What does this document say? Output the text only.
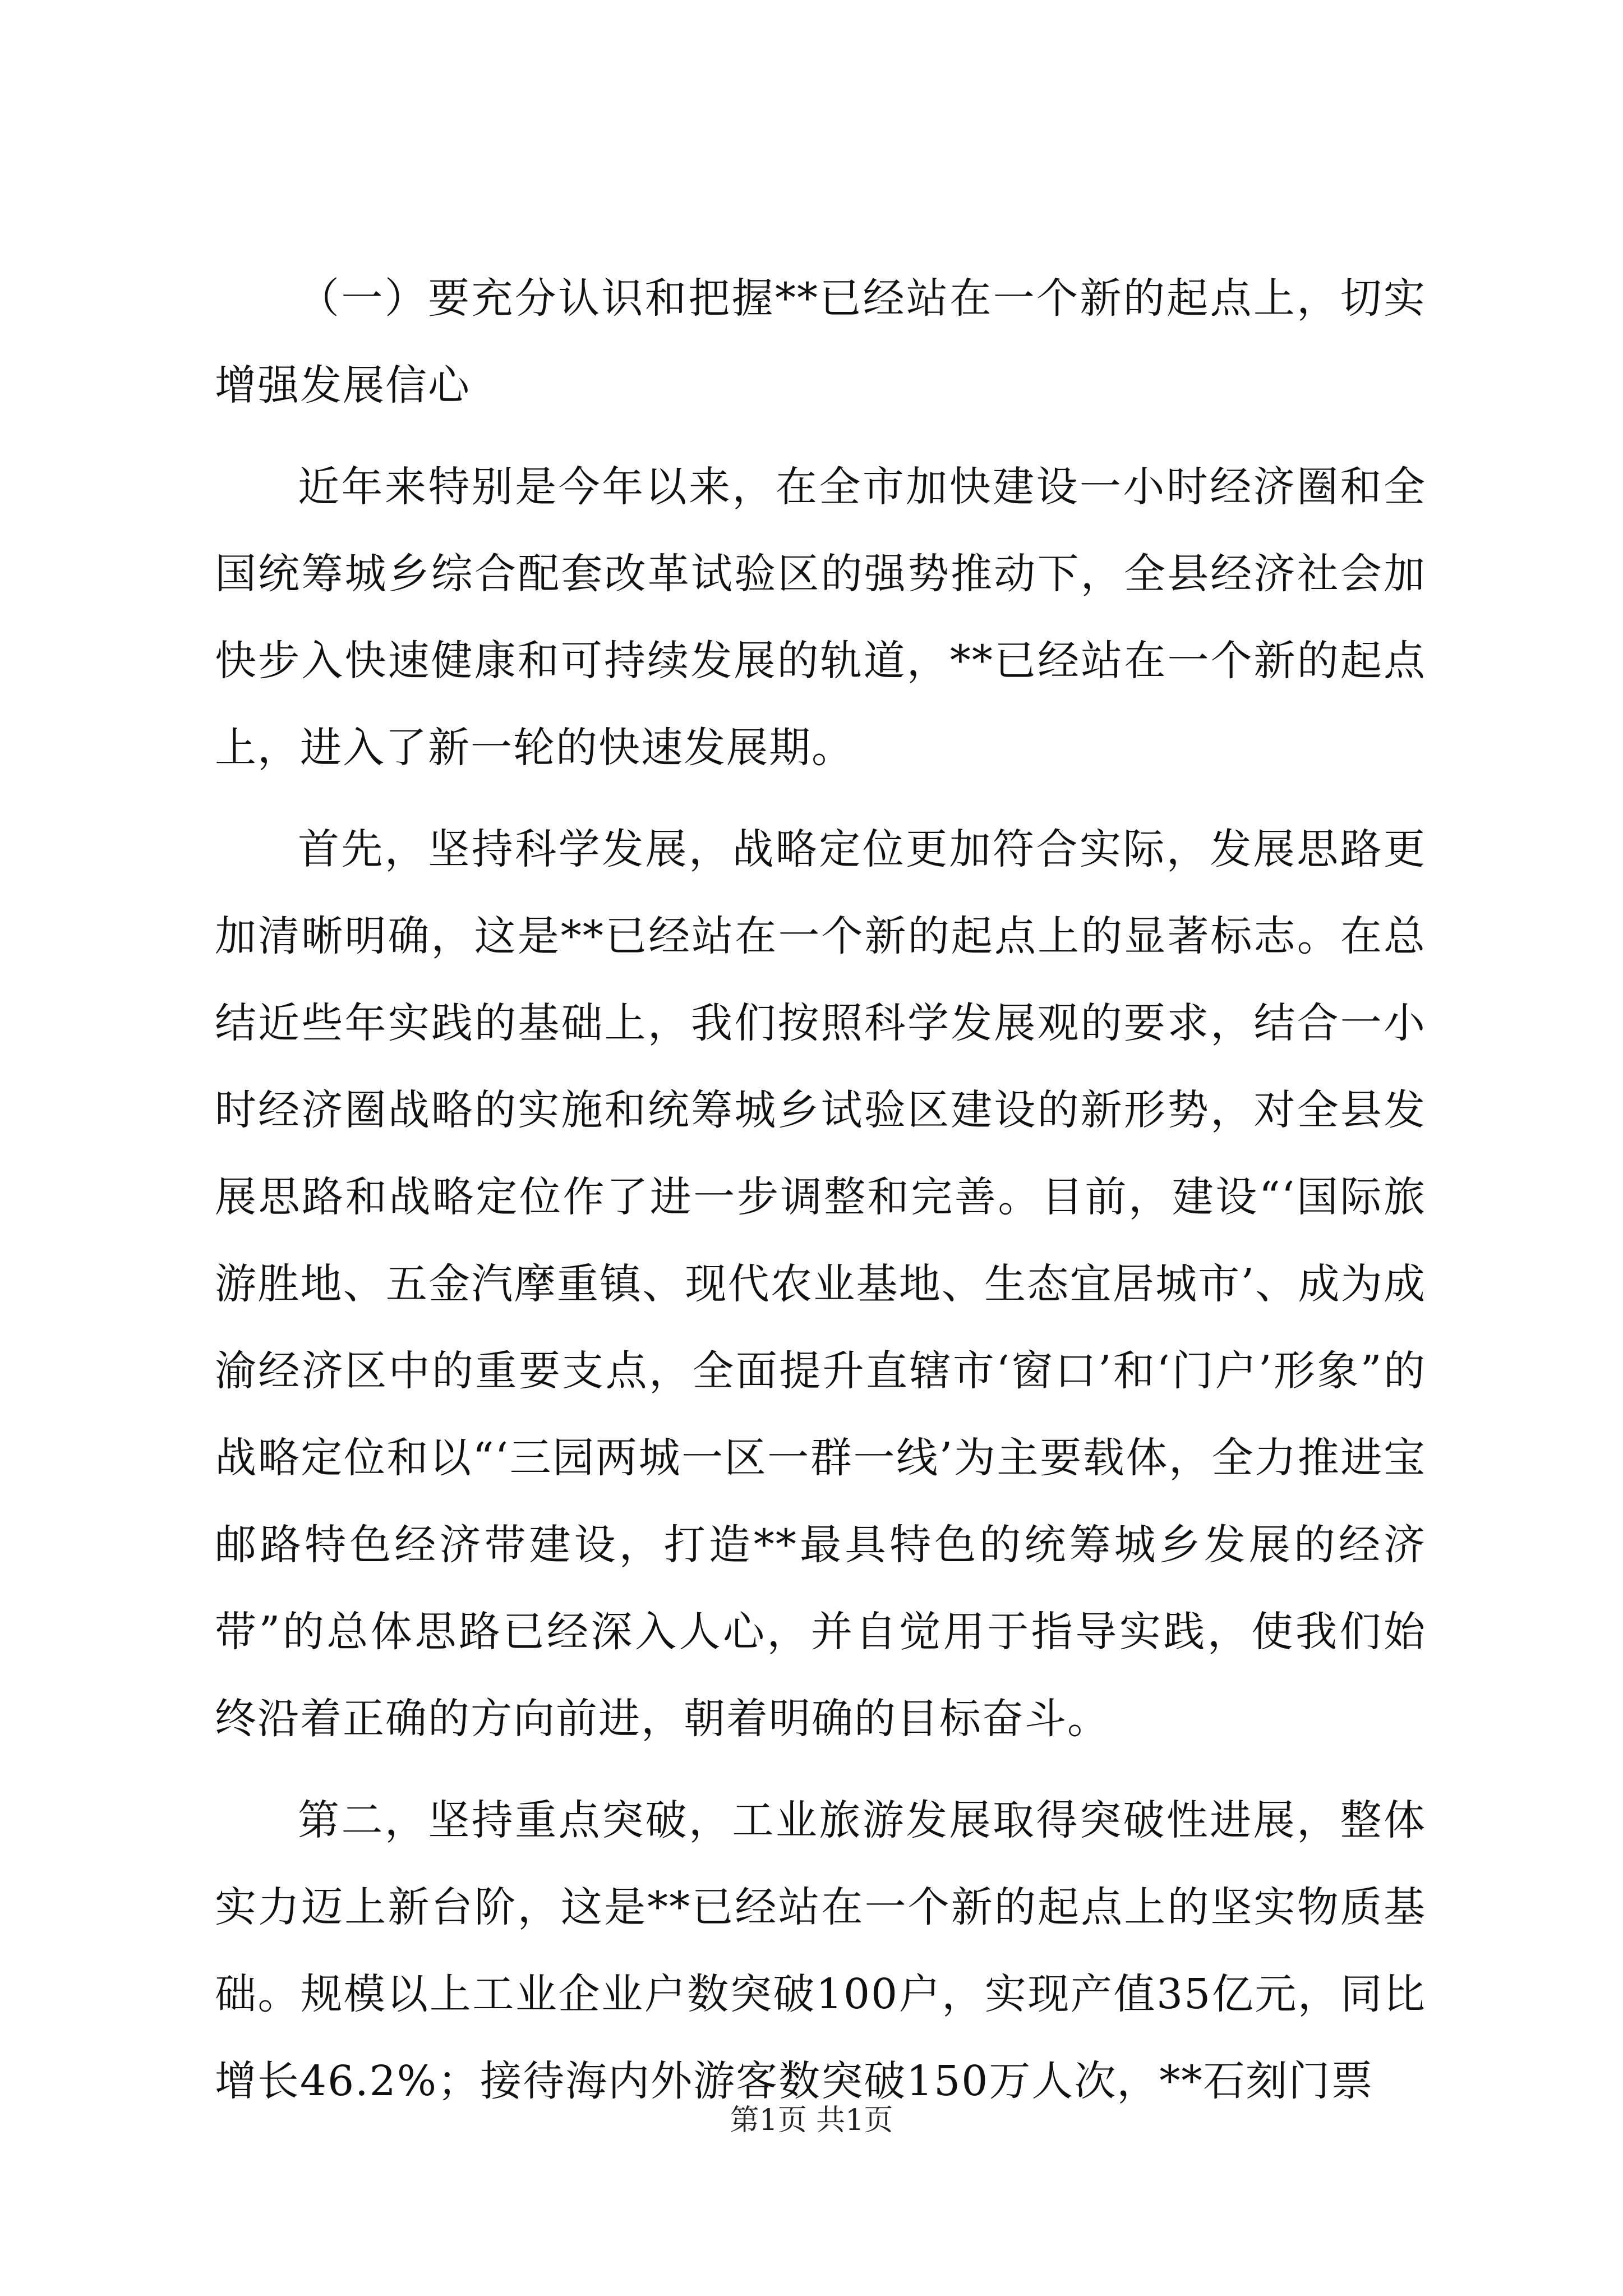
（一）要充分认识和把握**已经站在一个新的起点上，切实增强发展信心

近年来特别是今年以来，在全市加快建设一小时经济圈和全国统筹城乡综合配套改革试验区的强势推动下，全县经济社会加快步入快速健康和可持续发展的轨道，**已经站在一个新的起点上，进入了新一轮的快速发展期。

首先，坚持科学发展，战略定位更加符合实际，发展思路更加清晰明确，这是**已经站在一个新的起点上的显著标志。在总结近些年实践的基础上，我们按照科学发展观的要求，结合一小时经济圈战略的实施和统筹城乡试验区建设的新形势，对全县发展思路和战略定位作了进一步调整和完善。目前，建设“‘国际旅游胜地、五金汽摩重镇、现代农业基地、生态宜居城市’、成为成渝经济区中的重要支点，全面提升直辖市‘窗口’和‘门户’形象”的战略定位和以“‘三园两城一区一群一线’为主要载体，全力推进宝邮路特色经济带建设，打造**最具特色的统筹城乡发展的经济带”的总体思路已经深入人心，并自觉用于指导实践，使我们始终沿着正确的方向前进，朝着明确的目标奋斗。

第二，坚持重点突破，工业旅游发展取得突破性进展，整体实力迈上新台阶，这是**已经站在一个新的起点上的坚实物质基础。规模以上工业企业户数突破100户，实现产值35亿元，同比增长46.2%；接待海内外游客数突破150万人次，**石刻门票

第1页 共1页
